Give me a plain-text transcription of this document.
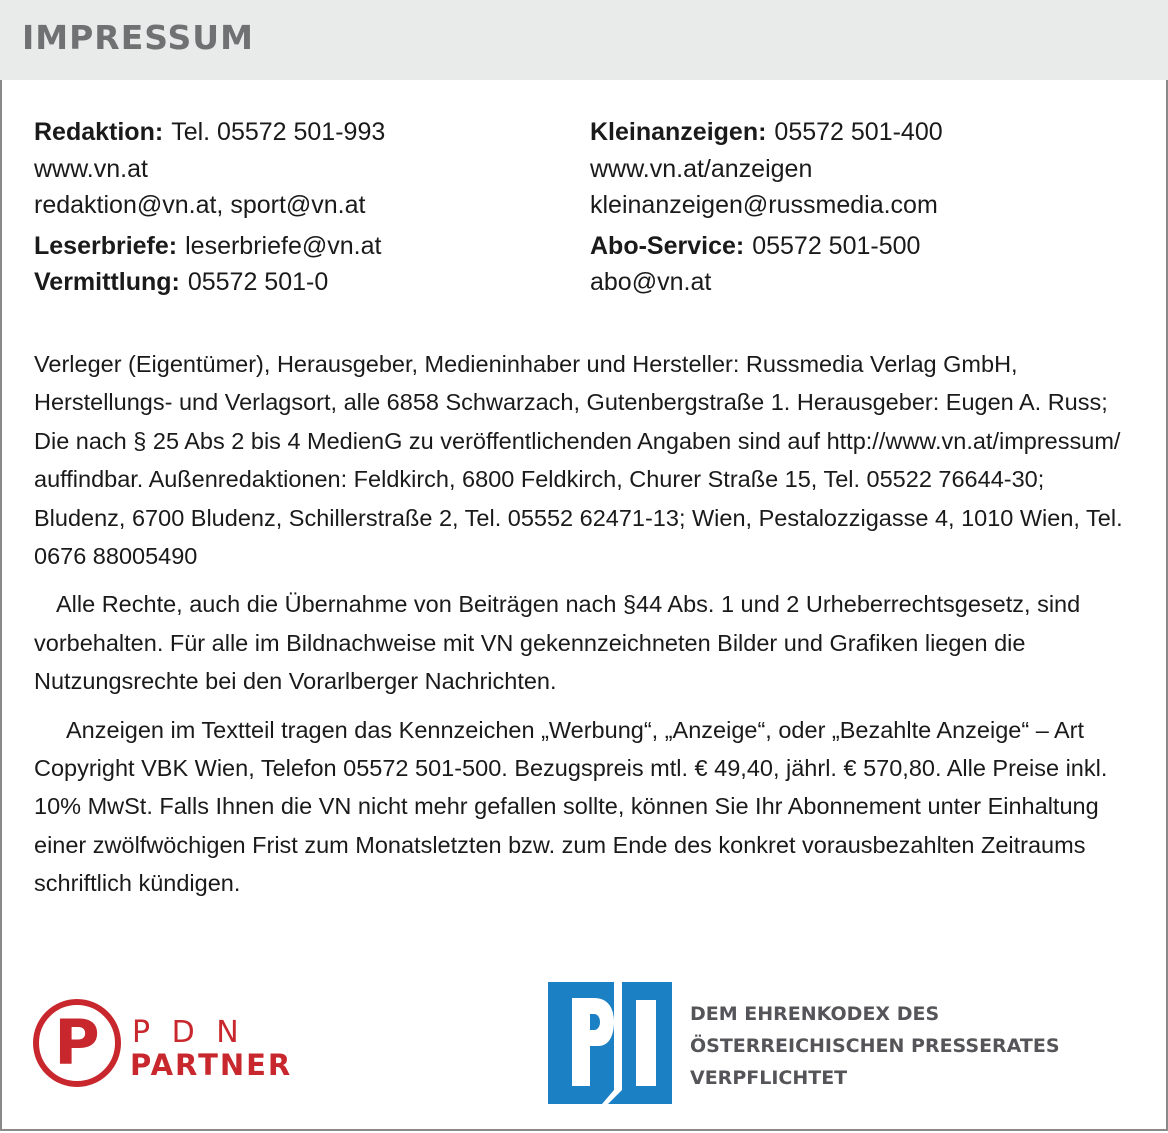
IMPRESSUM
Redaktion: Tel. 05572 501-993
www.vn.at
redaktion@vn.at, sport@vn.at
Leserbriefe: leserbriefe@vn.at
Vermittlung: 05572 501-0
Kleinanzeigen: 05572 501-400
www.vn.at/anzeigen
kleinanzeigen@russmedia.com
Abo-Service: 05572 501-500
abo@vn.at

Verleger (Eigentümer), Herausgeber, Medieninhaber und Hersteller: Russmedia Verlag GmbH, Herstellungs- und Verlagsort, alle 6858 Schwarzach, Gutenbergstraße 1. Herausgeber: Eugen A. Russ; Die nach § 25 Abs 2 bis 4 MedienG zu veröffentlichenden Angaben sind auf http://www.vn.at/impressum/ auffindbar. Außenredaktionen: Feldkirch, 6800 Feldkirch, Churer Straße 15, Tel. 05522 76644-30; Bludenz, 6700 Bludenz, Schillerstraße 2, Tel. 05552 62471-13; Wien, Pestalozzigasse 4, 1010 Wien, Tel. 0676 88005490

Alle Rechte, auch die Übernahme von Beiträgen nach §44 Abs. 1 und 2 Urheberrechtsgesetz, sind vorbehalten. Für alle im Bildnachweise mit VN gekennzeichneten Bilder und Grafiken liegen die Nutzungsrechte bei den Vorarlberger Nachrichten.

Anzeigen im Textteil tragen das Kennzeichen „Werbung“, „Anzeige“, oder „Bezahlte Anzeige“ – Art Copyright VBK Wien, Telefon 05572 501-500. Bezugspreis mtl. € 49,40, jährl. € 570,80. Alle Preise inkl. 10% MwSt. Falls Ihnen die VN nicht mehr gefallen sollte, können Sie Ihr Abonnement unter Einhaltung einer zwölfwöchigen Frist zum Monatsletzten bzw. zum Ende des konkret vorausbezahlten Zeitraums schriftlich kündigen.

P P D N
PARTNER
DEM EHRENKODEX DES
ÖSTERREICHISCHEN PRESSERATES
VERPFLICHTET
